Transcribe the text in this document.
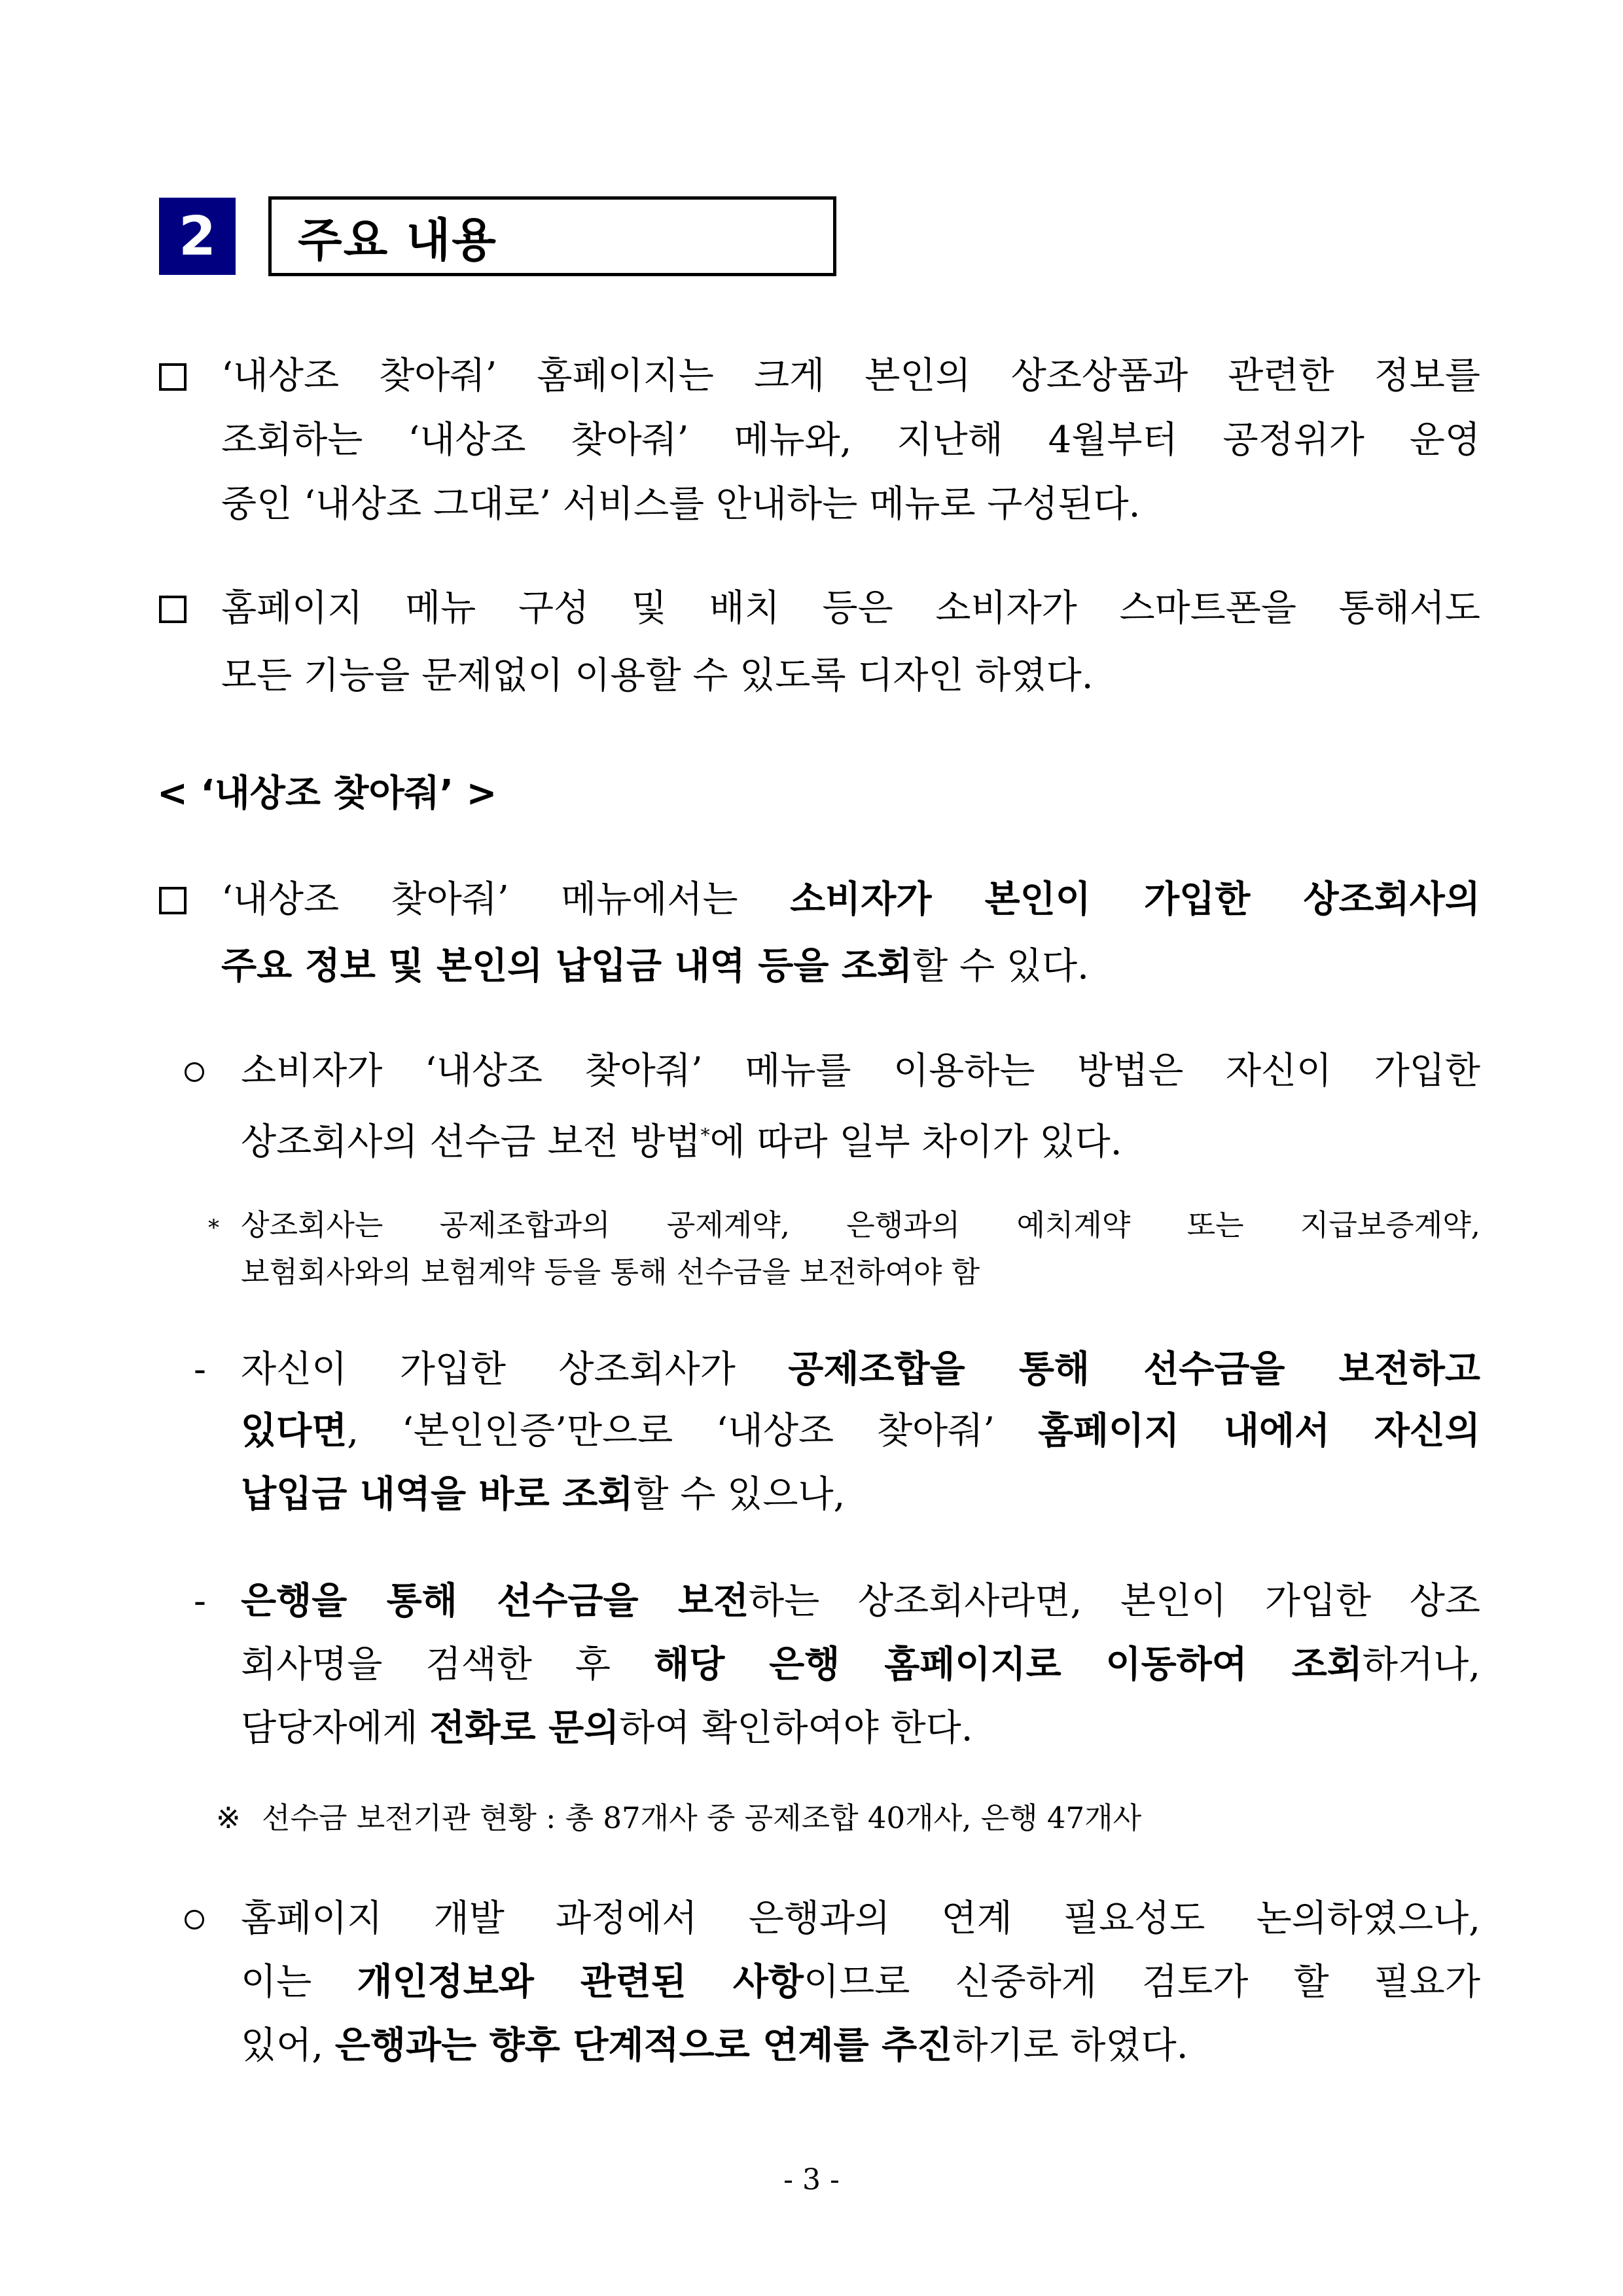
2 주요 내용
‘내상조 찾아줘’ 홈페이지는 크게 본인의 상조상품과 관련한 정보를
조회하는 ‘내상조 찾아줘’ 메뉴와, 지난해 4월부터 공정위가 운영
중인 ‘내상조 그대로’ 서비스를 안내하는 메뉴로 구성된다.
홈페이지 메뉴 구성 및 배치 등은 소비자가 스마트폰을 통해서도
모든 기능을 문제없이 이용할 수 있도록 디자인 하였다.
< ‘내상조 찾아줘’ >
‘내상조 찾아줘’ 메뉴에서는 소비자가 본인이 가입한 상조회사의
주요 정보 및 본인의 납입금 내역 등을 조회할 수 있다.
소비자가 ‘내상조 찾아줘’ 메뉴를 이용하는 방법은 자신이 가입한
상조회사의 선수금 보전 방법*에 따라 일부 차이가 있다.
* 상조회사는 공제조합과의 공제계약, 은행과의 예치계약 또는 지급보증계약,
보험회사와의 보험계약 등을 통해 선수금을 보전하여야 함
- 자신이 가입한 상조회사가 공제조합을 통해 선수금을 보전하고
있다면, ‘본인인증’만으로 ‘내상조 찾아줘’ 홈페이지 내에서 자신의
납입금 내역을 바로 조회할 수 있으나,
- 은행을 통해 선수금을 보전하는 상조회사라면, 본인이 가입한 상조
회사명을 검색한 후 해당 은행 홈페이지로 이동하여 조회하거나,
담당자에게 전화로 문의하여 확인하여야 한다.
※ 선수금 보전기관 현황 : 총 87개사 중 공제조합 40개사, 은행 47개사
홈페이지 개발 과정에서 은행과의 연계 필요성도 논의하였으나,
이는 개인정보와 관련된 사항이므로 신중하게 검토가 할 필요가
있어, 은행과는 향후 단계적으로 연계를 추진하기로 하였다.
- 3 -
